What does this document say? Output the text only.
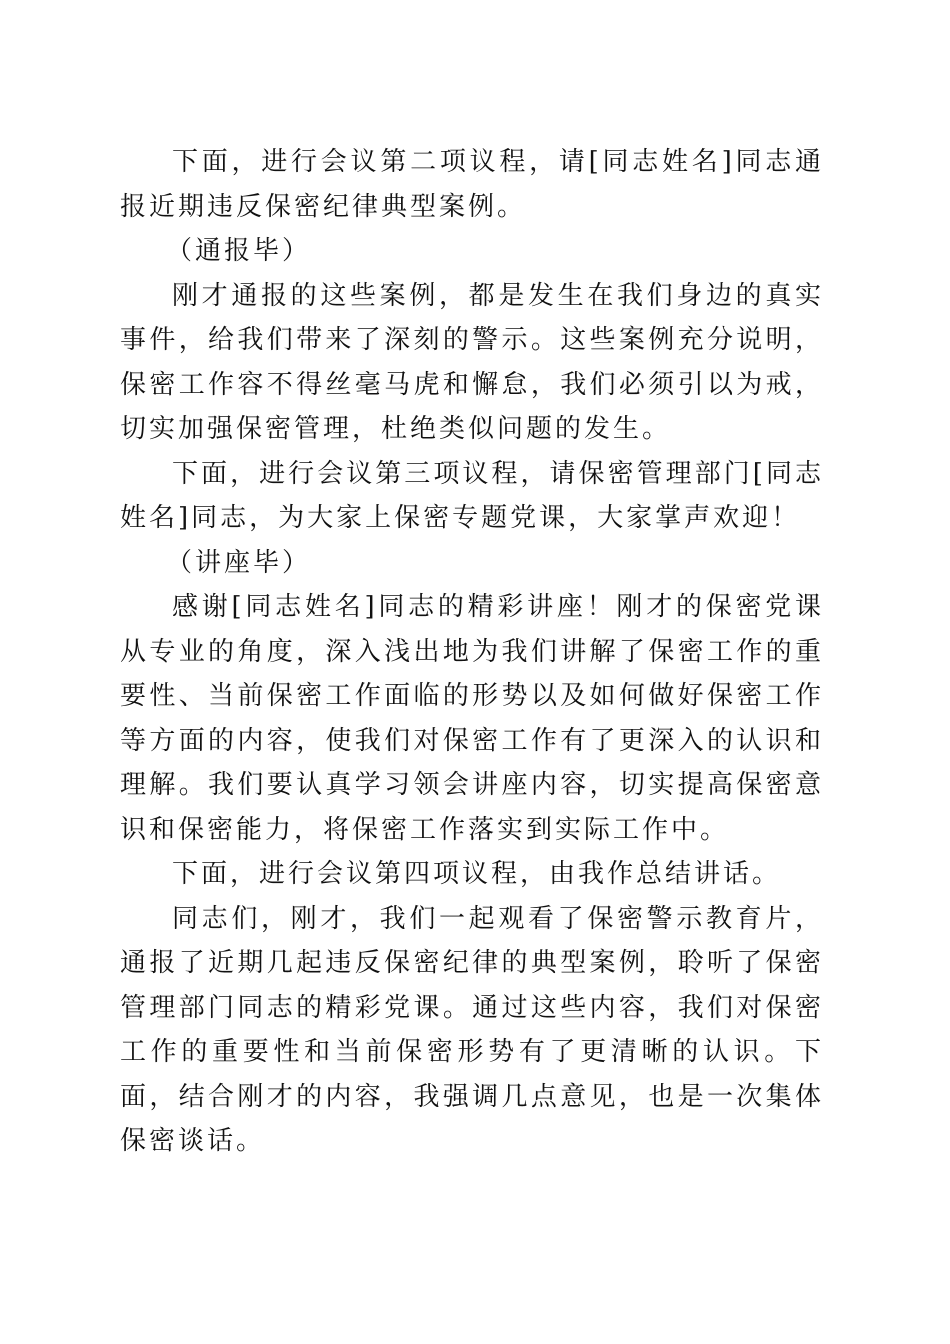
下面，进行会议第二项议程，请[同志姓名]同志通报近期违反保密纪律典型案例。

（通报毕）

刚才通报的这些案例，都是发生在我们身边的真实事件，给我们带来了深刻的警示。这些案例充分说明，保密工作容不得丝毫马虎和懈怠，我们必须引以为戒，切实加强保密管理，杜绝类似问题的发生。

下面，进行会议第三项议程，请保密管理部门[同志姓名]同志，为大家上保密专题党课，大家掌声欢迎！

（讲座毕）

感谢[同志姓名]同志的精彩讲座！刚才的保密党课从专业的角度，深入浅出地为我们讲解了保密工作的重要性、当前保密工作面临的形势以及如何做好保密工作等方面的内容，使我们对保密工作有了更深入的认识和理解。我们要认真学习领会讲座内容，切实提高保密意识和保密能力，将保密工作落实到实际工作中。

下面，进行会议第四项议程，由我作总结讲话。

同志们，刚才，我们一起观看了保密警示教育片，通报了近期几起违反保密纪律的典型案例，聆听了保密管理部门同志的精彩党课。通过这些内容，我们对保密工作的重要性和当前保密形势有了更清晰的认识。下面，结合刚才的内容，我强调几点意见，也是一次集体保密谈话。
